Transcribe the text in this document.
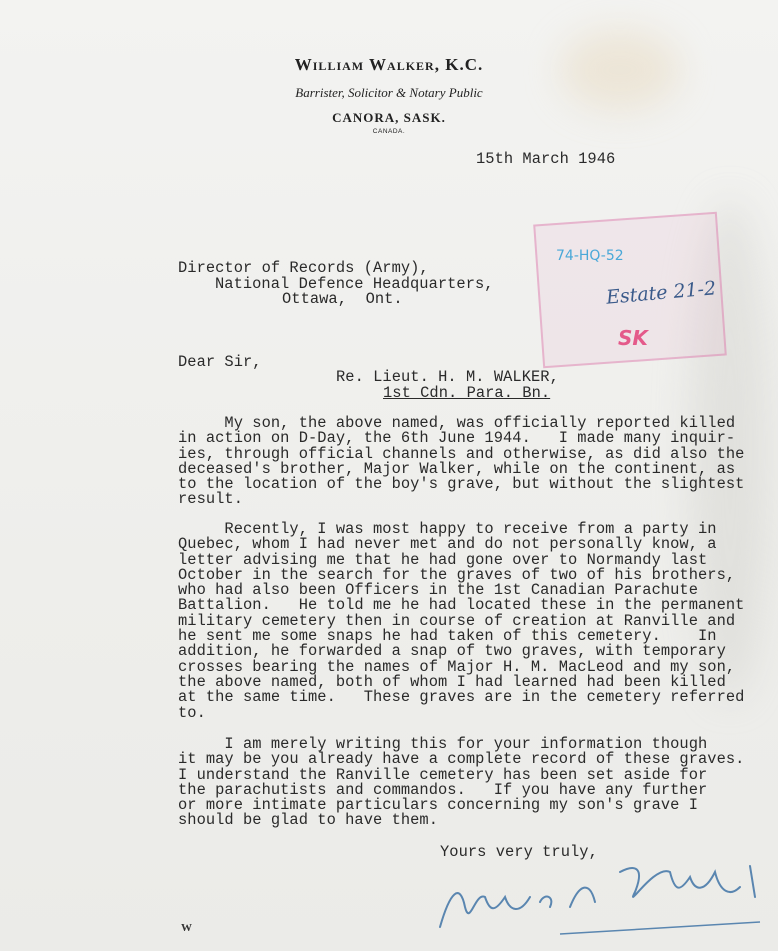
William Walker, K.C.
Barrister, Solicitor & Notary Public
CANORA, SASK.
CANADA.
15th March 1946
Director of Records (Army),
National Defence Headquarters,
Ottawa,  Ont.
74-HQ-52
Estate 21-2
SK
Dear Sir,
Re. Lieut. H. M. WALKER,
1st Cdn. Para. Bn.
My son, the above named, was officially reported killed
in action on D-Day, the 6th June 1944.   I made many inquir-
ies, through official channels and otherwise, as did also the
deceased's brother, Major Walker, while on the continent, as
to the location of the boy's grave, but without the slightest
result.
Recently, I was most happy to receive from a party in
Quebec, whom I had never met and do not personally know, a
letter advising me that he had gone over to Normandy last
October in the search for the graves of two of his brothers,
who had also been Officers in the 1st Canadian Parachute
Battalion.   He told me he had located these in the permanent
military cemetery then in course of creation at Ranville and
he sent me some snaps he had taken of this cemetery.    In
addition, he forwarded a snap of two graves, with temporary
crosses bearing the names of Major H. M. MacLeod and my son,
the above named, both of whom I had learned had been killed
at the same time.   These graves are in the cemetery referred
to.
I am merely writing this for your information though
it may be you already have a complete record of these graves.
I understand the Ranville cemetery has been set aside for
the parachutists and commandos.   If you have any further
or more intimate particulars concerning my son's grave I
should be glad to have them.
Yours very truly,
W
